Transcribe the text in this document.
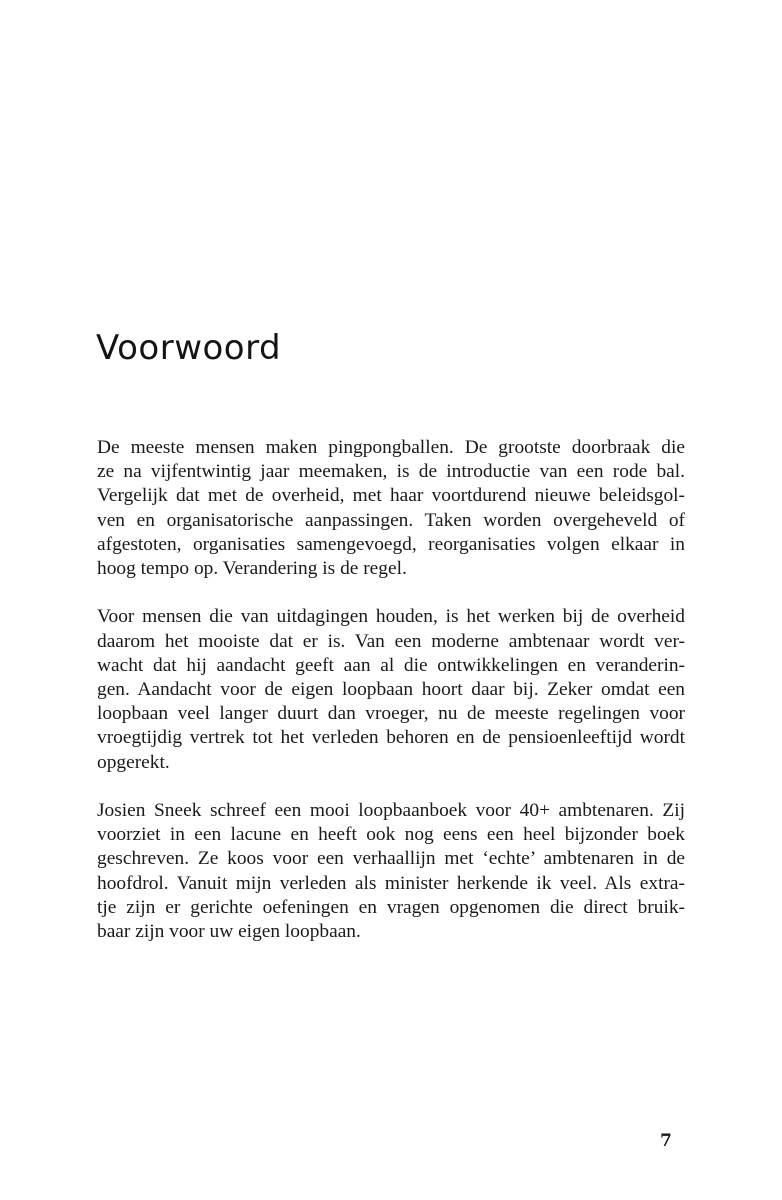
Voorwoord

De meeste mensen maken pingpongballen. De grootste doorbraak die
ze na vijfentwintig jaar meemaken, is de introductie van een rode bal.
Vergelijk dat met de overheid, met haar voortdurend nieuwe beleidsgol-
ven en organisatorische aanpassingen. Taken worden overgeheveld of
afgestoten, organisaties samengevoegd, reorganisaties volgen elkaar in
hoog tempo op. Verandering is de regel.

Voor mensen die van uitdagingen houden, is het werken bij de overheid
daarom het mooiste dat er is. Van een moderne ambtenaar wordt ver-
wacht dat hij aandacht geeft aan al die ontwikkelingen en veranderin-
gen. Aandacht voor de eigen loopbaan hoort daar bij. Zeker omdat een
loopbaan veel langer duurt dan vroeger, nu de meeste regelingen voor
vroegtijdig vertrek tot het verleden behoren en de pensioenleeftijd wordt
opgerekt.

Josien Sneek schreef een mooi loopbaanboek voor 40+ ambtenaren. Zij
voorziet in een lacune en heeft ook nog eens een heel bijzonder boek
geschreven. Ze koos voor een verhaallijn met ‘echte’ ambtenaren in de
hoofdrol. Vanuit mijn verleden als minister herkende ik veel. Als extra-
tje zijn er gerichte oefeningen en vragen opgenomen die direct bruik-
baar zijn voor uw eigen loopbaan.

7
